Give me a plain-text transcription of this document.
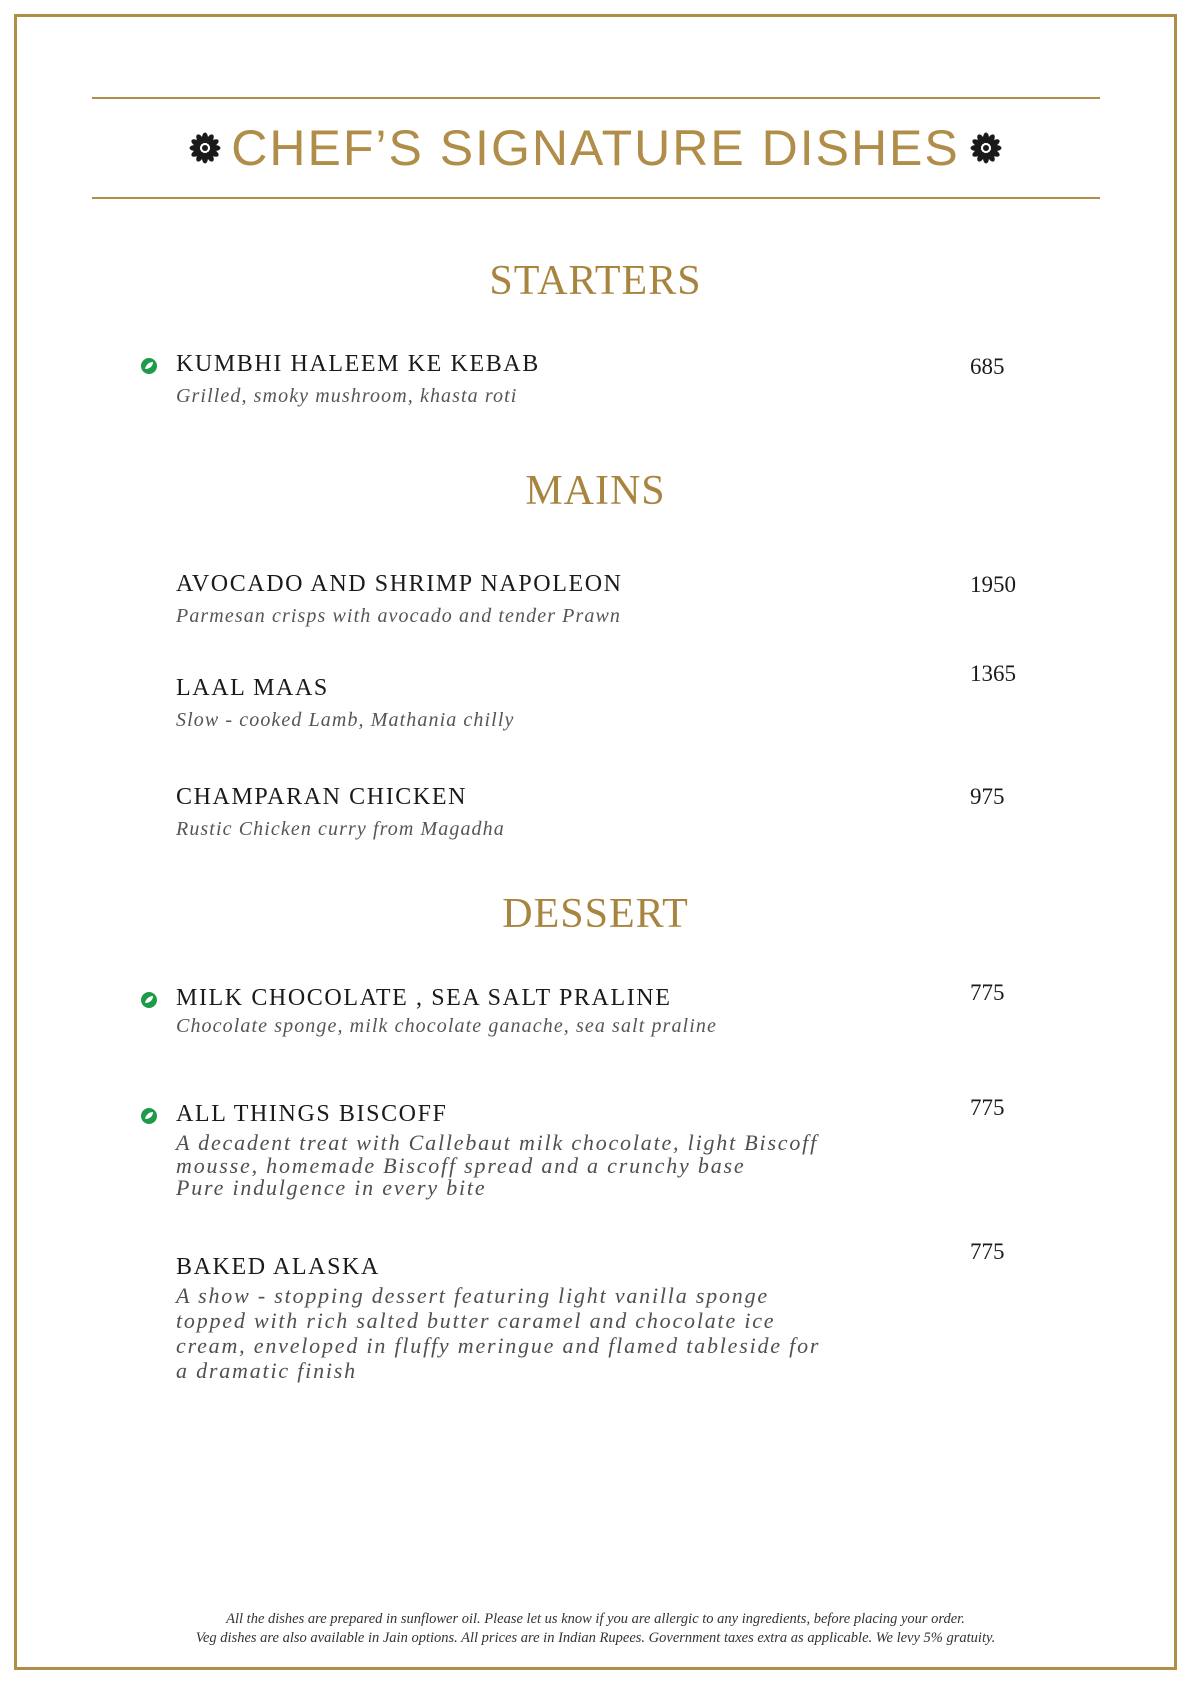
CHEF’S SIGNATURE DISHES
STARTERS
KUMBHI HALEEM KE KEBAB
Grilled, smoky mushroom, khasta roti
685
MAINS
AVOCADO AND SHRIMP NAPOLEON
Parmesan crisps with avocado and tender Prawn
1950
LAAL MAAS
Slow - cooked Lamb, Mathania chilly
1365
CHAMPARAN CHICKEN
Rustic Chicken curry from Magadha
975
DESSERT
MILK CHOCOLATE , SEA SALT PRALINE
Chocolate sponge, milk chocolate ganache, sea salt praline
775
ALL THINGS BISCOFF
A decadent treat with Callebaut milk chocolate, light Biscoff
mousse, homemade Biscoff spread and a crunchy base
Pure indulgence in every bite
775
BAKED ALASKA
A show - stopping dessert featuring light vanilla sponge
topped with rich salted butter caramel and chocolate ice
cream, enveloped in fluffy meringue and flamed tableside for
a dramatic finish
775
All the dishes are prepared in sunflower oil. Please let us know if you are allergic to any ingredients, before placing your order.
Veg dishes are also available in Jain options. All prices are in Indian Rupees. Government taxes extra as applicable. We levy 5% gratuity.
